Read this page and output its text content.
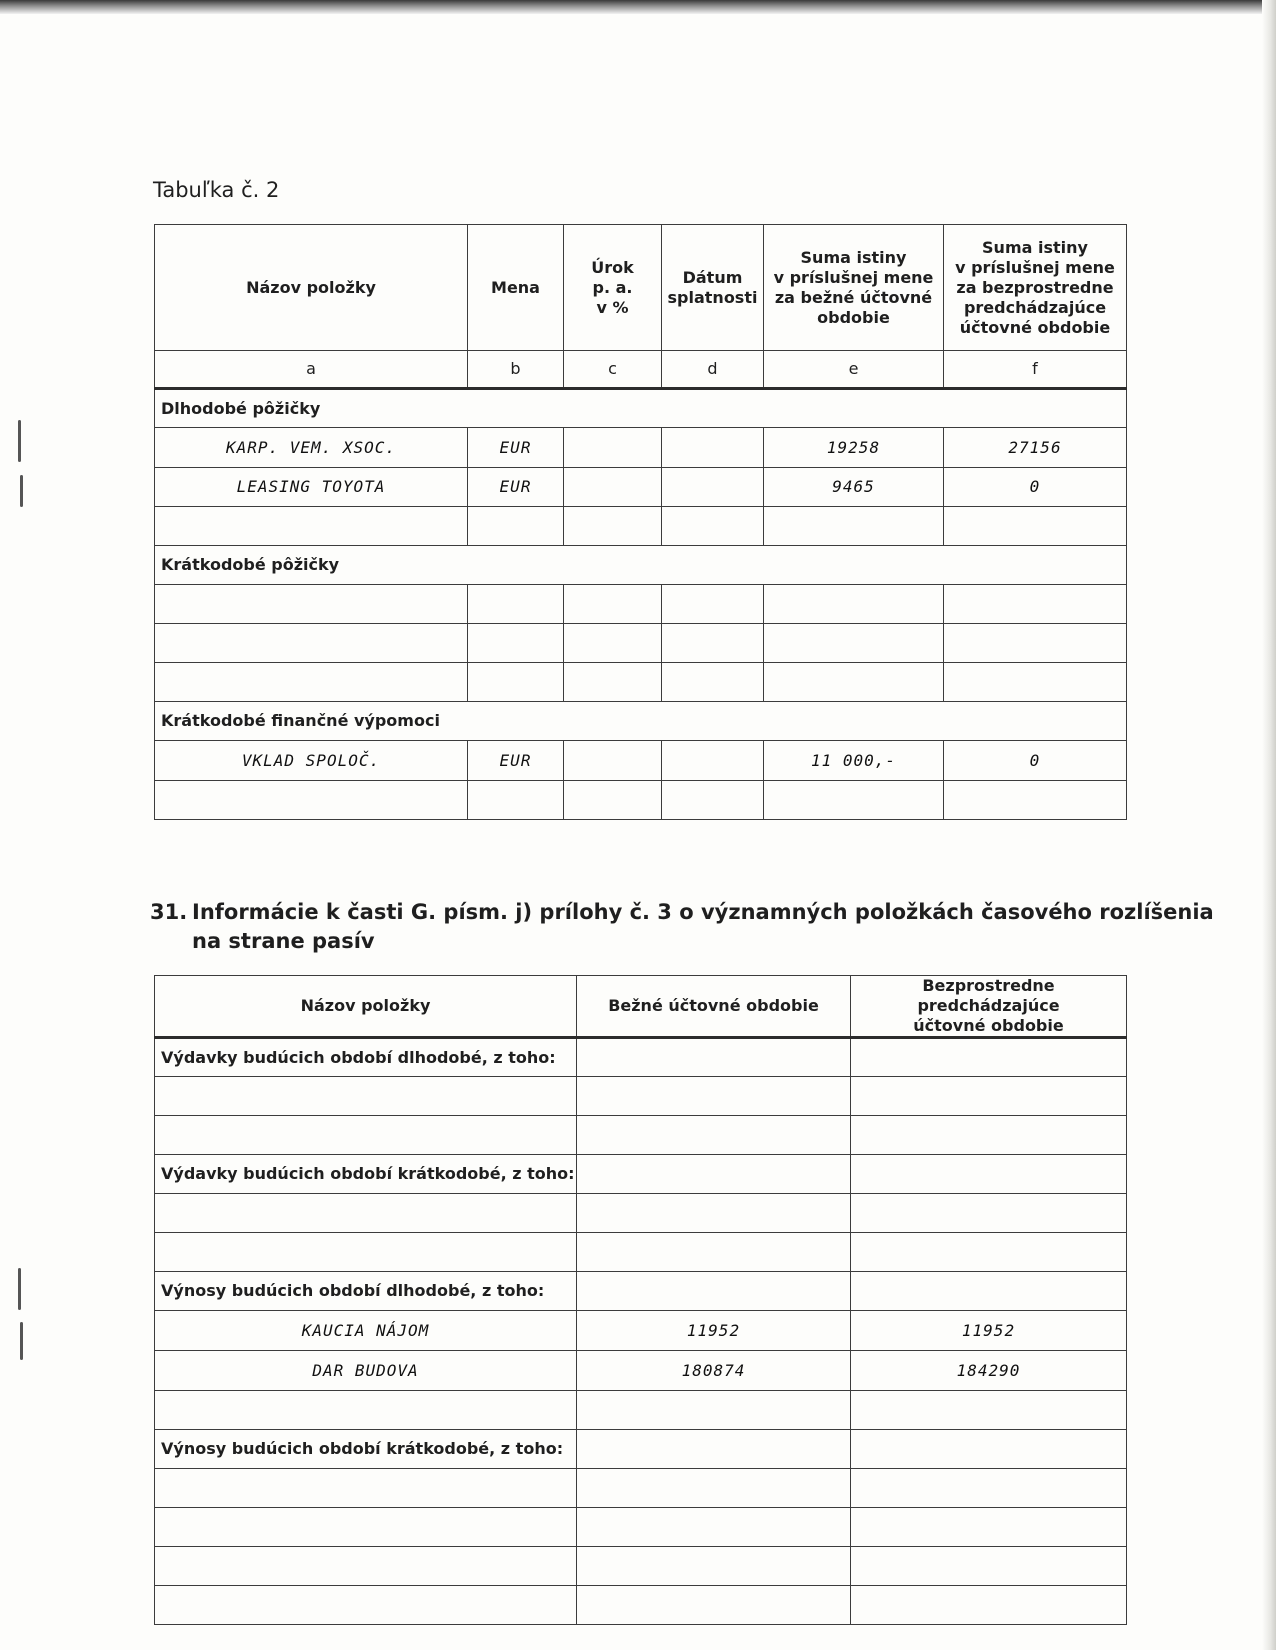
Tabuľka č. 2
Názov položky	Mena	Úrok
p. a.
v %	Dátum
splatnosti	Suma istiny
v príslušnej mene
za bežné účtovné
obdobie	Suma istiny
v príslušnej mene
za bezprostredne
predchádzajúce
účtovné obdobie
a	b	c	d	e	f
Dlhodobé pôžičky					
KARP. VEM. XSOC.	EUR			19258	27156
LEASING TOYOTA	EUR			9465	0

Krátkodobé pôžičky					

Krátkodobé finančné výpomoci					
VKLAD SPOLOČ.	EUR			11 000,-	0

31. Informácie k časti G. písm. j) prílohy č. 3 o významných položkách časového rozlíšenia
na strane pasív
Názov položky	Bežné účtovné obdobie	Bezprostredne predchádzajúce
účtovné obdobie
Výdavky budúcich období dlhodobé, z toho:		

Výdavky budúcich období krátkodobé, z toho:		

Výnosy budúcich období dlhodobé, z toho:		
KAUCIA NÁJOM	11952	11952
DAR BUDOVA	180874	184290

Výnosy budúcich období krátkodobé, z toho:		
